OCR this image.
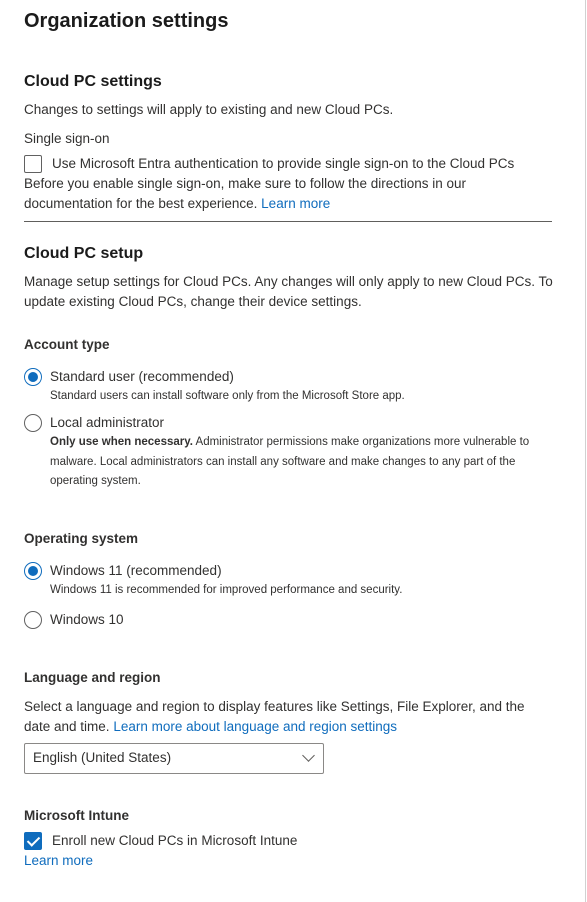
Organization settings
Cloud PC settings
Changes to settings will apply to existing and new Cloud PCs.
Single sign-on
Use Microsoft Entra authentication to provide single sign-on to the Cloud PCs
Before you enable single sign-on, make sure to follow the directions in our documentation for the best experience. Learn more
Cloud PC setup
Manage setup settings for Cloud PCs. Any changes will only apply to new Cloud PCs. To update existing Cloud PCs, change their device settings.
Account type
Standard user (recommended)
Standard users can install software only from the Microsoft Store app.
Local administrator
Only use when necessary. Administrator permissions make organizations more vulnerable to malware. Local administrators can install any software and make changes to any part of the operating system.
Operating system
Windows 11 (recommended)
Windows 11 is recommended for improved performance and security.
Windows 10
Language and region
Select a language and region to display features like Settings, File Explorer, and the date and time. Learn more about language and region settings
English (United States)
Microsoft Intune
Enroll new Cloud PCs in Microsoft Intune
Learn more
